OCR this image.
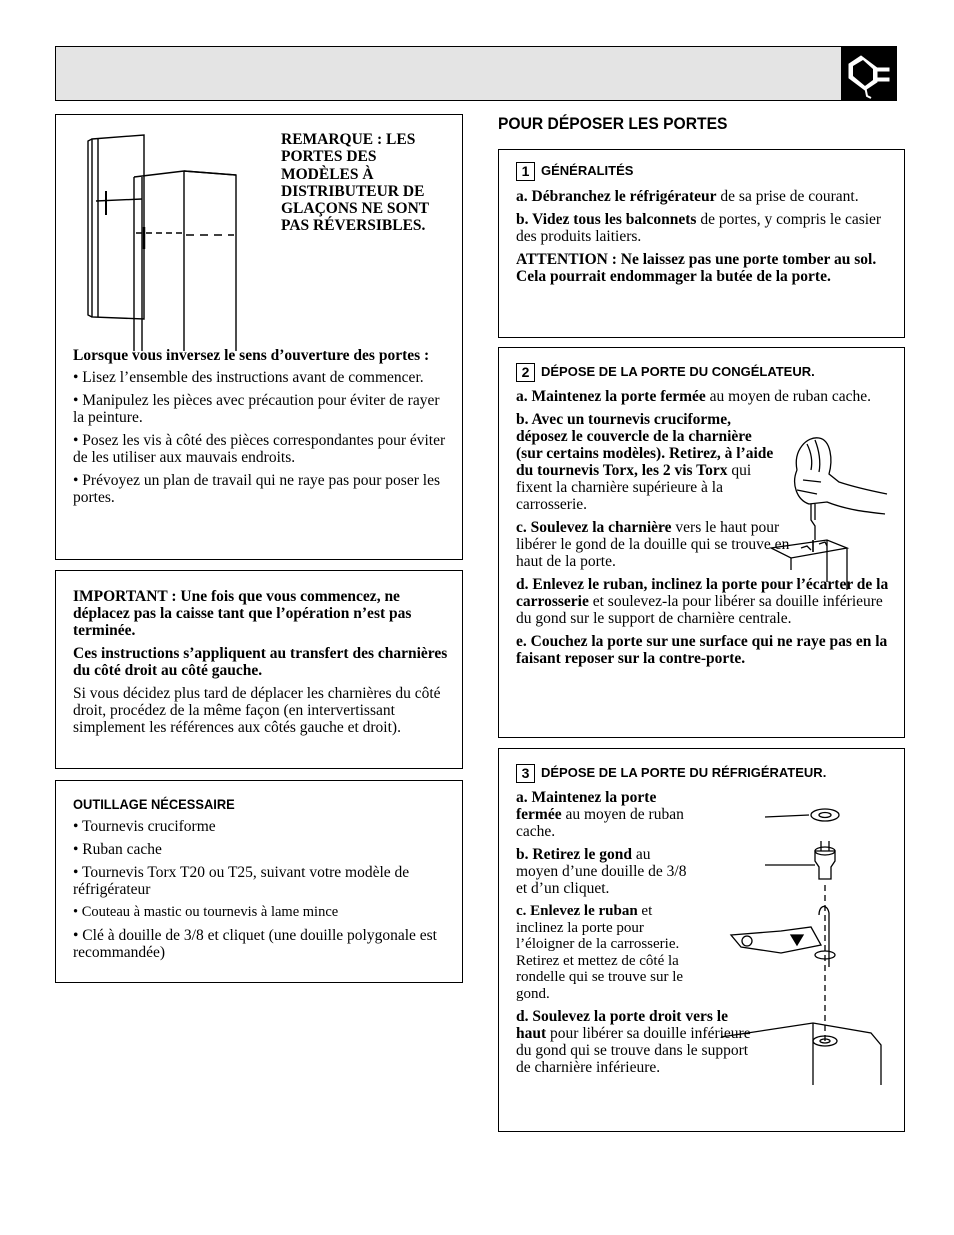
REMARQUE : LES PORTES DES MODÈLES À DISTRIBUTEUR DE GLAÇONS NE SONT PAS RÉVERSIBLES.

Lorsque vous inversez le sens d’ouverture des portes :

• Lisez l’ensemble des instructions avant de commencer.

• Manipulez les pièces avec précaution pour éviter de rayer la peinture.

• Posez les vis à côté des pièces correspondantes pour éviter de les utiliser aux mauvais endroits.

• Prévoyez un plan de travail qui ne raye pas pour poser les portes.

IMPORTANT : Une fois que vous commencez, ne déplacez pas la caisse tant que l’opération n’est pas terminée.

Ces instructions s’appliquent au transfert des charnières du côté droit au côté gauche.

Si vous décidez plus tard de déplacer les charnières du côté droit, procédez de la même façon (en intervertissant simplement les références aux côtés gauche et droit).

OUTILLAGE NÉCESSAIRE

• Tournevis cruciforme

• Ruban cache

• Tournevis Torx T20 ou T25, suivant votre modèle de réfrigérateur

• Couteau à mastic ou tournevis à lame mince

• Clé à douille de 3/8 et cliquet (une douille polygonale est recommandée)

POUR DÉPOSER LES PORTES
1 GÉNÉRALITÉS

a. Débranchez le réfrigérateur de sa prise de courant.

b. Videz tous les balconnets de portes, y compris le casier des produits laitiers.

ATTENTION : Ne laissez pas une porte tomber au sol. Cela pourrait endommager la butée de la porte.

2 DÉPOSE DE LA PORTE DU CONGÉLATEUR.

a. Maintenez la porte fermée au moyen de ruban cache.

b. Avec un tournevis cruciforme, déposez le couvercle de la charnière (sur certains modèles). Retirez, à l’aide du tournevis Torx, les 2 vis Torx qui fixent la charnière supérieure à la carrosserie.

c. Soulevez la charnière vers le haut pour libérer le gond de la douille qui se trouve en haut de la porte.

d. Enlevez le ruban, inclinez la porte pour l’écarter de la carrosserie et soulevez-la pour libérer sa douille inférieure du gond sur le support de charnière centrale.

e. Couchez la porte sur une surface qui ne raye pas en la faisant reposer sur la contre-porte.

3 DÉPOSE DE LA PORTE DU RÉFRIGÉRATEUR.

a. Maintenez la porte fermée au moyen de ruban cache.

b. Retirez le gond au moyen d’une douille de 3/8 et d’un cliquet.

c. Enlevez le ruban et inclinez la porte pour l’éloigner de la carrosserie. Retirez et mettez de côté la rondelle qui se trouve sur le gond.

d. Soulevez la porte droit vers le haut pour libérer sa douille inférieure du gond qui se trouve dans le support de charnière inférieure.
